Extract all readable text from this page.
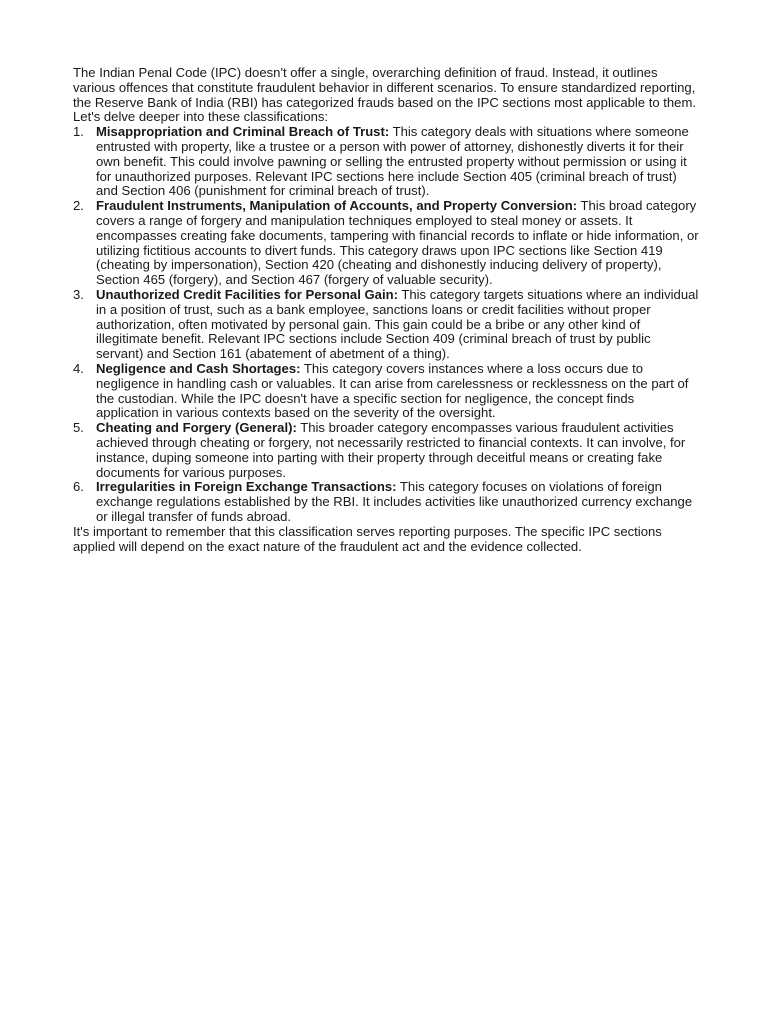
The Indian Penal Code (IPC) doesn't offer a single, overarching definition of fraud. Instead, it outlines various offences that constitute fraudulent behavior in different scenarios. To ensure standardized reporting, the Reserve Bank of India (RBI) has categorized frauds based on the IPC sections most applicable to them. Let's delve deeper into these classifications:

1. Misappropriation and Criminal Breach of Trust: This category deals with situations where someone entrusted with property, like a trustee or a person with power of attorney, dishonestly diverts it for their own benefit. This could involve pawning or selling the entrusted property without permission or using it for unauthorized purposes. Relevant IPC sections here include Section 405 (criminal breach of trust) and Section 406 (punishment for criminal breach of trust).
2. Fraudulent Instruments, Manipulation of Accounts, and Property Conversion: This broad category covers a range of forgery and manipulation techniques employed to steal money or assets. It encompasses creating fake documents, tampering with financial records to inflate or hide information, or utilizing fictitious accounts to divert funds. This category draws upon IPC sections like Section 419 (cheating by impersonation), Section 420 (cheating and dishonestly inducing delivery of property), Section 465 (forgery), and Section 467 (forgery of valuable security).
3. Unauthorized Credit Facilities for Personal Gain: This category targets situations where an individual in a position of trust, such as a bank employee, sanctions loans or credit facilities without proper authorization, often motivated by personal gain. This gain could be a bribe or any other kind of illegitimate benefit. Relevant IPC sections include Section 409 (criminal breach of trust by public servant) and Section 161 (abatement of abetment of a thing).
4. Negligence and Cash Shortages: This category covers instances where a loss occurs due to negligence in handling cash or valuables. It can arise from carelessness or recklessness on the part of the custodian. While the IPC doesn't have a specific section for negligence, the concept finds application in various contexts based on the severity of the oversight.
5. Cheating and Forgery (General): This broader category encompasses various fraudulent activities achieved through cheating or forgery, not necessarily restricted to financial contexts. It can involve, for instance, duping someone into parting with their property through deceitful means or creating fake documents for various purposes.
6. Irregularities in Foreign Exchange Transactions: This category focuses on violations of foreign exchange regulations established by the RBI. It includes activities like unauthorized currency exchange or illegal transfer of funds abroad.

It's important to remember that this classification serves reporting purposes. The specific IPC sections applied will depend on the exact nature of the fraudulent act and the evidence collected.
